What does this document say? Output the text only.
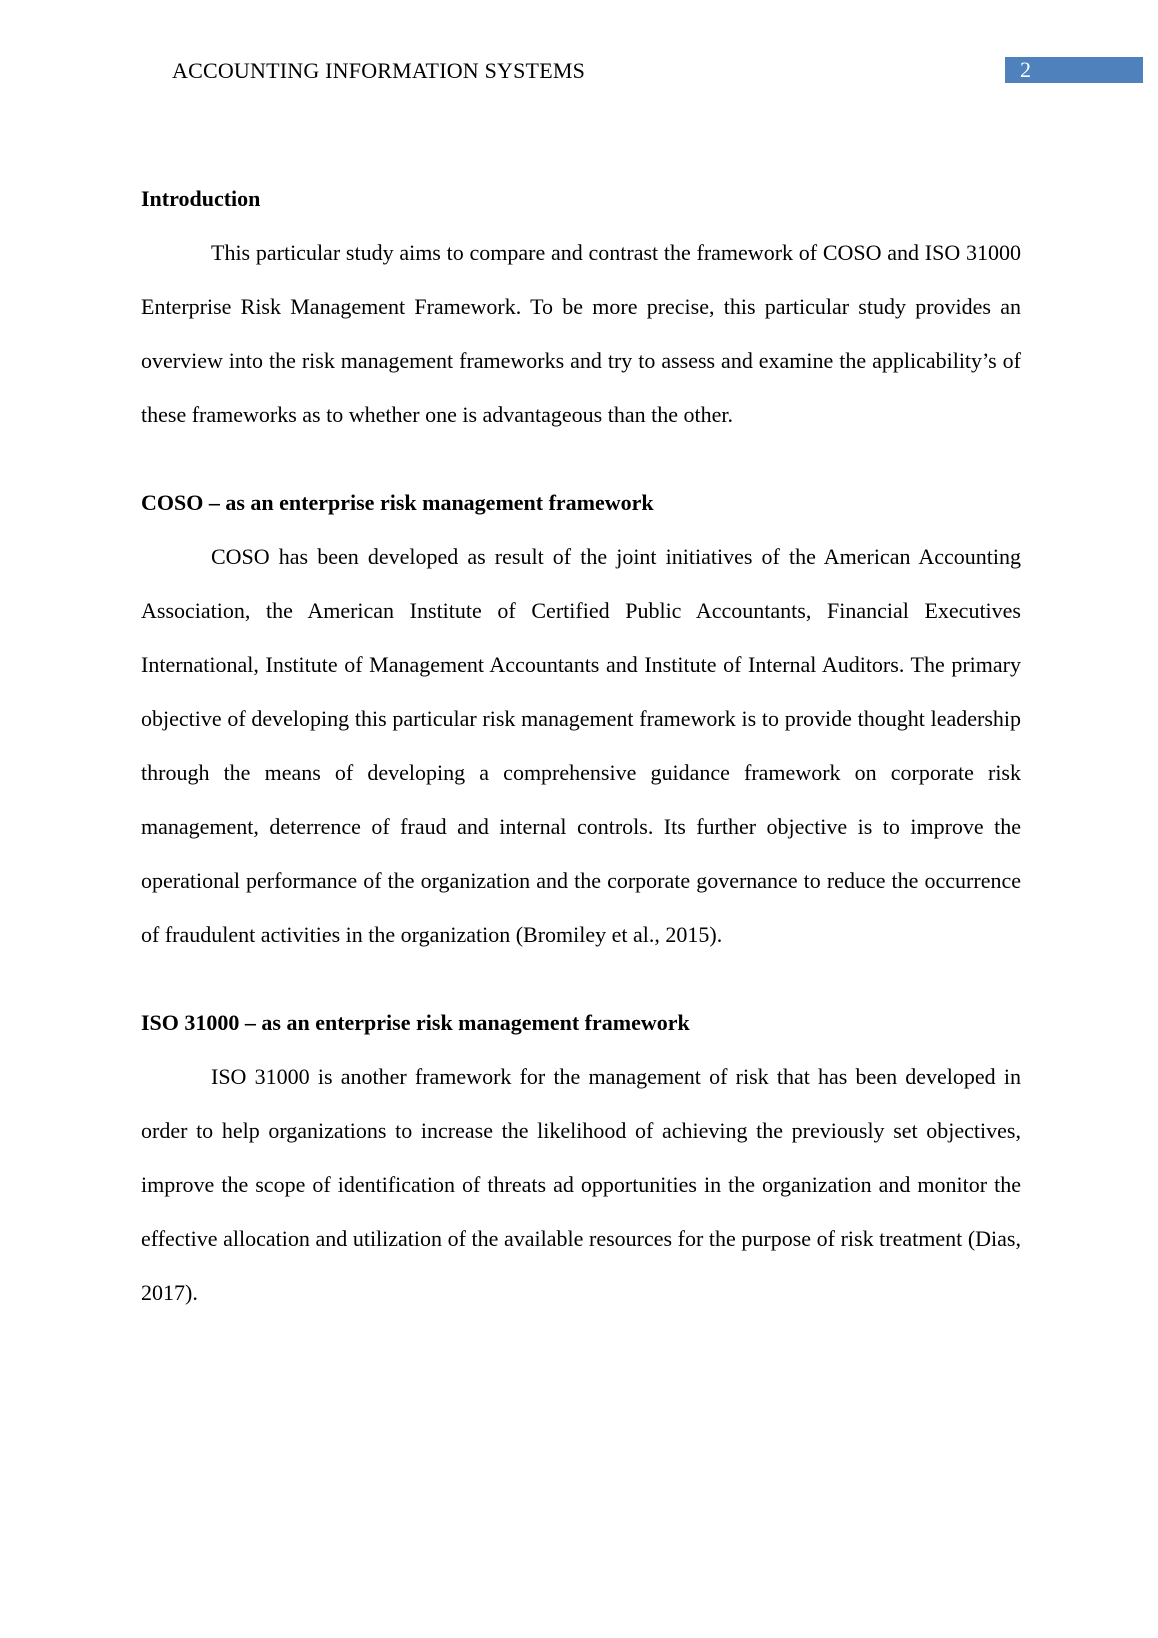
ACCOUNTING INFORMATION SYSTEMS	2
Introduction

This particular study aims to compare and contrast the framework of COSO and ISO 31000 Enterprise Risk Management Framework. To be more precise, this particular study provides an overview into the risk management frameworks and try to assess and examine the applicability’s of these frameworks as to whether one is advantageous than the other.

COSO – as an enterprise risk management framework

COSO has been developed as result of the joint initiatives of the American Accounting Association, the American Institute of Certified Public Accountants, Financial Executives International, Institute of Management Accountants and Institute of Internal Auditors. The primary objective of developing this particular risk management framework is to provide thought leadership through the means of developing a comprehensive guidance framework on corporate risk management, deterrence of fraud and internal controls. Its further objective is to improve the operational performance of the organization and the corporate governance to reduce the occurrence of fraudulent activities in the organization (Bromiley et al., 2015).

ISO 31000 – as an enterprise risk management framework

ISO 31000 is another framework for the management of risk that has been developed in order to help organizations to increase the likelihood of achieving the previously set objectives, improve the scope of identification of threats ad opportunities in the organization and monitor the effective allocation and utilization of the available resources for the purpose of risk treatment (Dias, 2017).
